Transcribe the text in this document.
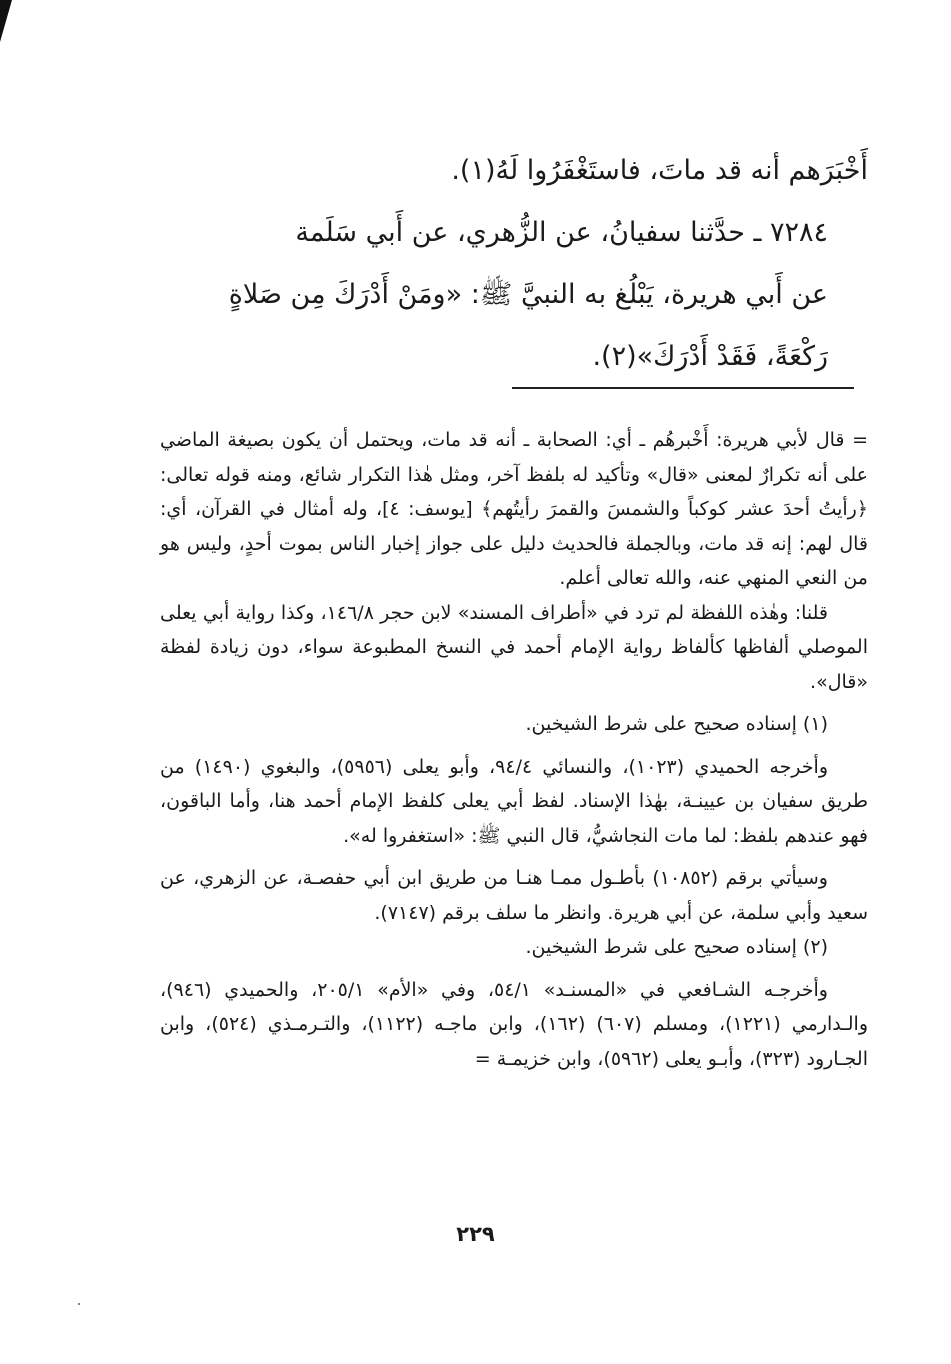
أَخْبَرَهم أنه قد ماتَ، فاستَغْفَرُوا لَهُ(١).

٧٢٨٤ ـ حدَّثنا سفيانُ، عن الزُّهري، عن أَبي سَلَمة

عن أَبي هريرة، يَبْلُغ به النبيَّ ﷺ: «ومَنْ أَدْرَكَ مِن صَلاةٍ رَكْعَةً، فَقَدْ أَدْرَكَ»(٢).

= قال لأبي هريرة: أَخْبرهُم ـ أي: الصحابة ـ أنه قد مات، ويحتمل أن يكون بصيغة الماضي على أنه تكرارٌ لمعنى «قال» وتأكيد له بلفظ آخر، ومثل هٰذا التكرار شائع، ومنه قوله تعالى: ﴿رأيتُ أحدَ عشر كوكباً والشمسَ والقمرَ رأيتُهم﴾ [يوسف: ٤]، وله أمثال في القرآن، أي: قال لهم: إنه قد مات، وبالجملة فالحديث دليل على جواز إخبار الناس بموت أحدٍ، وليس هو من النعي المنهي عنه، والله تعالى أعلم.

قلنا: وهٰذه اللفظة لم ترد في «أطراف المسند» لابن حجر ١٤٦/٨، وكذا رواية أبي يعلى الموصلي ألفاظها كألفاظ رواية الإمام أحمد في النسخ المطبوعة سواء، دون زيادة لفظة «قال».

(١) إسناده صحيح على شرط الشيخين.

وأخرجه الحميدي (١٠٢٣)، والنسائي ٩٤/٤، وأبو يعلى (٥٩٥٦)، والبغوي (١٤٩٠) من طريق سفيان بن عيينـة، بهٰذا الإسناد. لفظ أبي يعلى كلفظ الإمام أحمد هنا، وأما الباقون، فهو عندهم بلفظ: لما مات النجاشيُّ، قال النبي ﷺ: «استغفروا له».

وسيأتي برقم (١٠٨٥٢) بأطـول ممـا هنـا من طريق ابن أبي حفصـة، عن الزهري، عن سعيد وأبي سلمة، عن أبي هريرة. وانظر ما سلف برقم (٧١٤٧).

(٢) إسناده صحيح على شرط الشيخين.

وأخرجـه الشـافعي في «المسنـد» ٥٤/١، وفي «الأم» ٢٠٥/١، والحميدي (٩٤٦)، والـدارمي (١٢٢١)، ومسلم (٦٠٧) (١٦٢)، وابن ماجـه (١١٢٢)، والتـرمـذي (٥٢٤)، وابن الجـارود (٣٢٣)، وأبـو يعلى (٥٩٦٢)، وابن خزيمـة =

٢٢٩
